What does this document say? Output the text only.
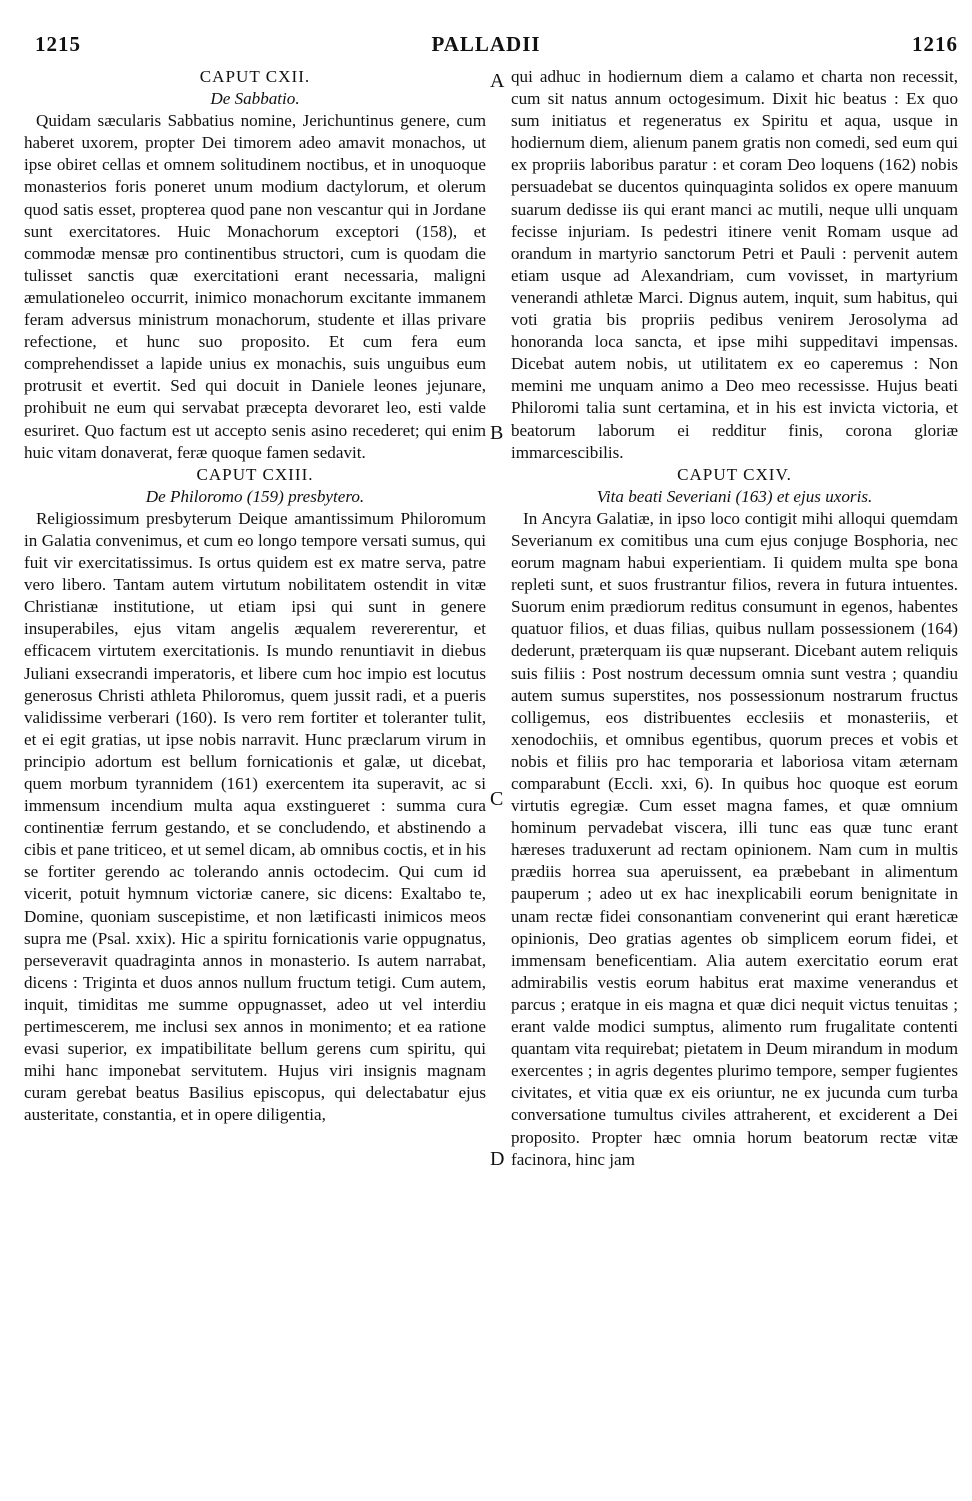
1215	PALLADII	1216
CAPUT CXII.
De Sabbatio.

Quidam sæcularis Sabbatius nomine, Jerichuntinus genere, cum haberet uxorem, propter Dei timorem adeo amavit monachos, ut ipse obiret cellas et omnem solitudinem noctibus, et in unoquoque monasterios foris poneret unum modium dactylorum, et olerum quod satis esset, propterea quod pane non vescantur qui in Jordane sunt exercitatores. Huic Monachorum exceptori (158), et commodæ mensæ pro continentibus structori, cum is quodam die tulisset sanctis quæ exercitationi erant necessaria, maligni æmulationeleo occurrit, inimico monachorum excitante immanem feram adversus ministrum monachorum, studente et illas privare refectione, et hunc suo proposito. Et cum fera eum comprehendisset a lapide unius ex monachis, suis unguibus eum protrusit et evertit. Sed qui docuit in Daniele leones jejunare, prohibuit ne eum qui servabat præcepta devoraret leo, esti valde esuriret. Quo factum est ut accepto senis asino recederet; qui enim huic vitam donaverat, feræ quoque famen sedavit.

CAPUT CXIII.
De Philoromo (159) presbytero.

Religiossimum presbyterum Deique amantissimum Philoromum in Galatia convenimus, et cum eo longo tempore versati sumus, qui fuit vir exercitatissimus. Is ortus quidem est ex matre serva, patre vero libero. Tantam autem virtutum nobilitatem ostendit in vitæ Christianæ institutione, ut etiam ipsi qui sunt in genere insuperabiles, ejus vitam angelis æqualem revererentur, et efficacem virtutem exercitationis. Is mundo renuntiavit in diebus Juliani exsecrandi imperatoris, et libere cum hoc impio est locutus generosus Christi athleta Philoromus, quem jussit radi, et a pueris validissime verberari (160). Is vero rem fortiter et toleranter tulit, et ei egit gratias, ut ipse nobis narravit. Hunc præclarum virum in principio adortum est bellum fornicationis et galæ, ut dicebat, quem morbum tyrannidem (161) exercentem ita superavit, ac si immensum incendium multa aqua exstingueret : summa cura continentiæ ferrum gestando, et se concludendo, et abstinendo a cibis et pane triticeo, et ut semel dicam, ab omnibus coctis, et in his se fortiter gerendo ac tolerando annis octodecim. Qui cum id vicerit, potuit hymnum victoriæ canere, sic dicens: Exaltabo te, Domine, quoniam suscepistime, et non lætificasti inimicos meos supra me (Psal. xxix). Hic a spiritu fornicationis varie oppugnatus, perseveravit quadraginta annos in monasterio. Is autem narrabat, dicens : Triginta et duos annos nullum fructum tetigi. Cum autem, inquit, timiditas me summe oppugnasset, adeo ut vel interdiu pertimescerem, me inclusi sex annos in monimento; et ea ratione evasi superior, ex impatibilitate bellum gerens cum spiritu, qui mihi hanc imponebat servitutem. Hujus viri insignis magnam curam gerebat beatus Basilius episcopus, qui delectabatur ejus austeritate, constantia, et in opere diligentia,

qui adhuc in hodiernum diem a calamo et charta non recessit, cum sit natus annum octogesimum. Dixit hic beatus : Ex quo sum initiatus et regeneratus ex Spiritu et aqua, usque in hodiernum diem, alienum panem gratis non comedi, sed eum qui ex propriis laboribus paratur : et coram Deo loquens (162) nobis persuadebat se ducentos quinquaginta solidos ex opere manuum suarum dedisse iis qui erant manci ac mutili, neque ulli unquam fecisse injuriam. Is pedestri itinere venit Romam usque ad orandum in martyrio sanctorum Petri et Pauli : pervenit autem etiam usque ad Alexandriam, cum vovisset, in martyrium venerandi athletæ Marci. Dignus autem, inquit, sum habitus, qui voti gratia bis propriis pedibus venirem Jerosolyma ad honoranda loca sancta, et ipse mihi suppeditavi impensas. Dicebat autem nobis, ut utilitatem ex eo caperemus : Non memini me unquam animo a Deo meo recessisse. Hujus beati Philoromi talia sunt certamina, et in his est invicta victoria, et beatorum laborum ei redditur finis, corona gloriæ immarcescibilis.

CAPUT CXIV.
Vita beati Severiani (163) et ejus uxoris.

In Ancyra Galatiæ, in ipso loco contigit mihi alloqui quemdam Severianum ex comitibus una cum ejus conjuge Bosphoria, nec eorum magnam habui experientiam. Ii quidem multa spe bona repleti sunt, et suos frustrantur filios, revera in futura intuentes. Suorum enim prædiorum reditus consumunt in egenos, habentes quatuor filios, et duas filias, quibus nullam possessionem (164) dederunt, præterquam iis quæ nupserant. Dicebant autem reliquis suis filiis : Post nostrum decessum omnia sunt vestra ; quandiu autem sumus superstites, nos possessionum nostrarum fructus colligemus, eos distribuentes ecclesiis et monasteriis, et xenodochiis, et omnibus egentibus, quorum preces et vobis et nobis et filiis pro hac temporaria et laboriosa vitam æternam comparabunt (Eccli. xxi, 6). In quibus hoc quoque est eorum virtutis egregiæ. Cum esset magna fames, et quæ omnium hominum pervadebat viscera, illi tunc eas quæ tunc erant hæreses traduxerunt ad rectam opinionem. Nam cum in multis prædiis horrea sua aperuissent, ea præbebant in alimentum pauperum ; adeo ut ex hac inexplicabili eorum benignitate in unam rectæ fidei consonantiam convenerint qui erant hæreticæ opinionis, Deo gratias agentes ob simplicem eorum fidei, et immensam beneficentiam. Alia autem exercitatio eorum erat admirabilis vestis eorum habitus erat maxime venerandus et parcus ; eratque in eis magna et quæ dici nequit victus tenuitas ; erant valde modici sumptus, alimento rum frugalitate contenti quantam vita requirebat; pietatem in Deum mirandum in modum exercentes ; in agris degentes plurimo tempore, semper fugientes civitates, et vitia quæ ex eis oriuntur, ne ex jucunda cum turba conversatione tumultus civiles attraherent, et exciderent a Dei proposito. Propter hæc omnia horum beatorum rectæ vitæ facinora, hinc jam

A
B
C
D
